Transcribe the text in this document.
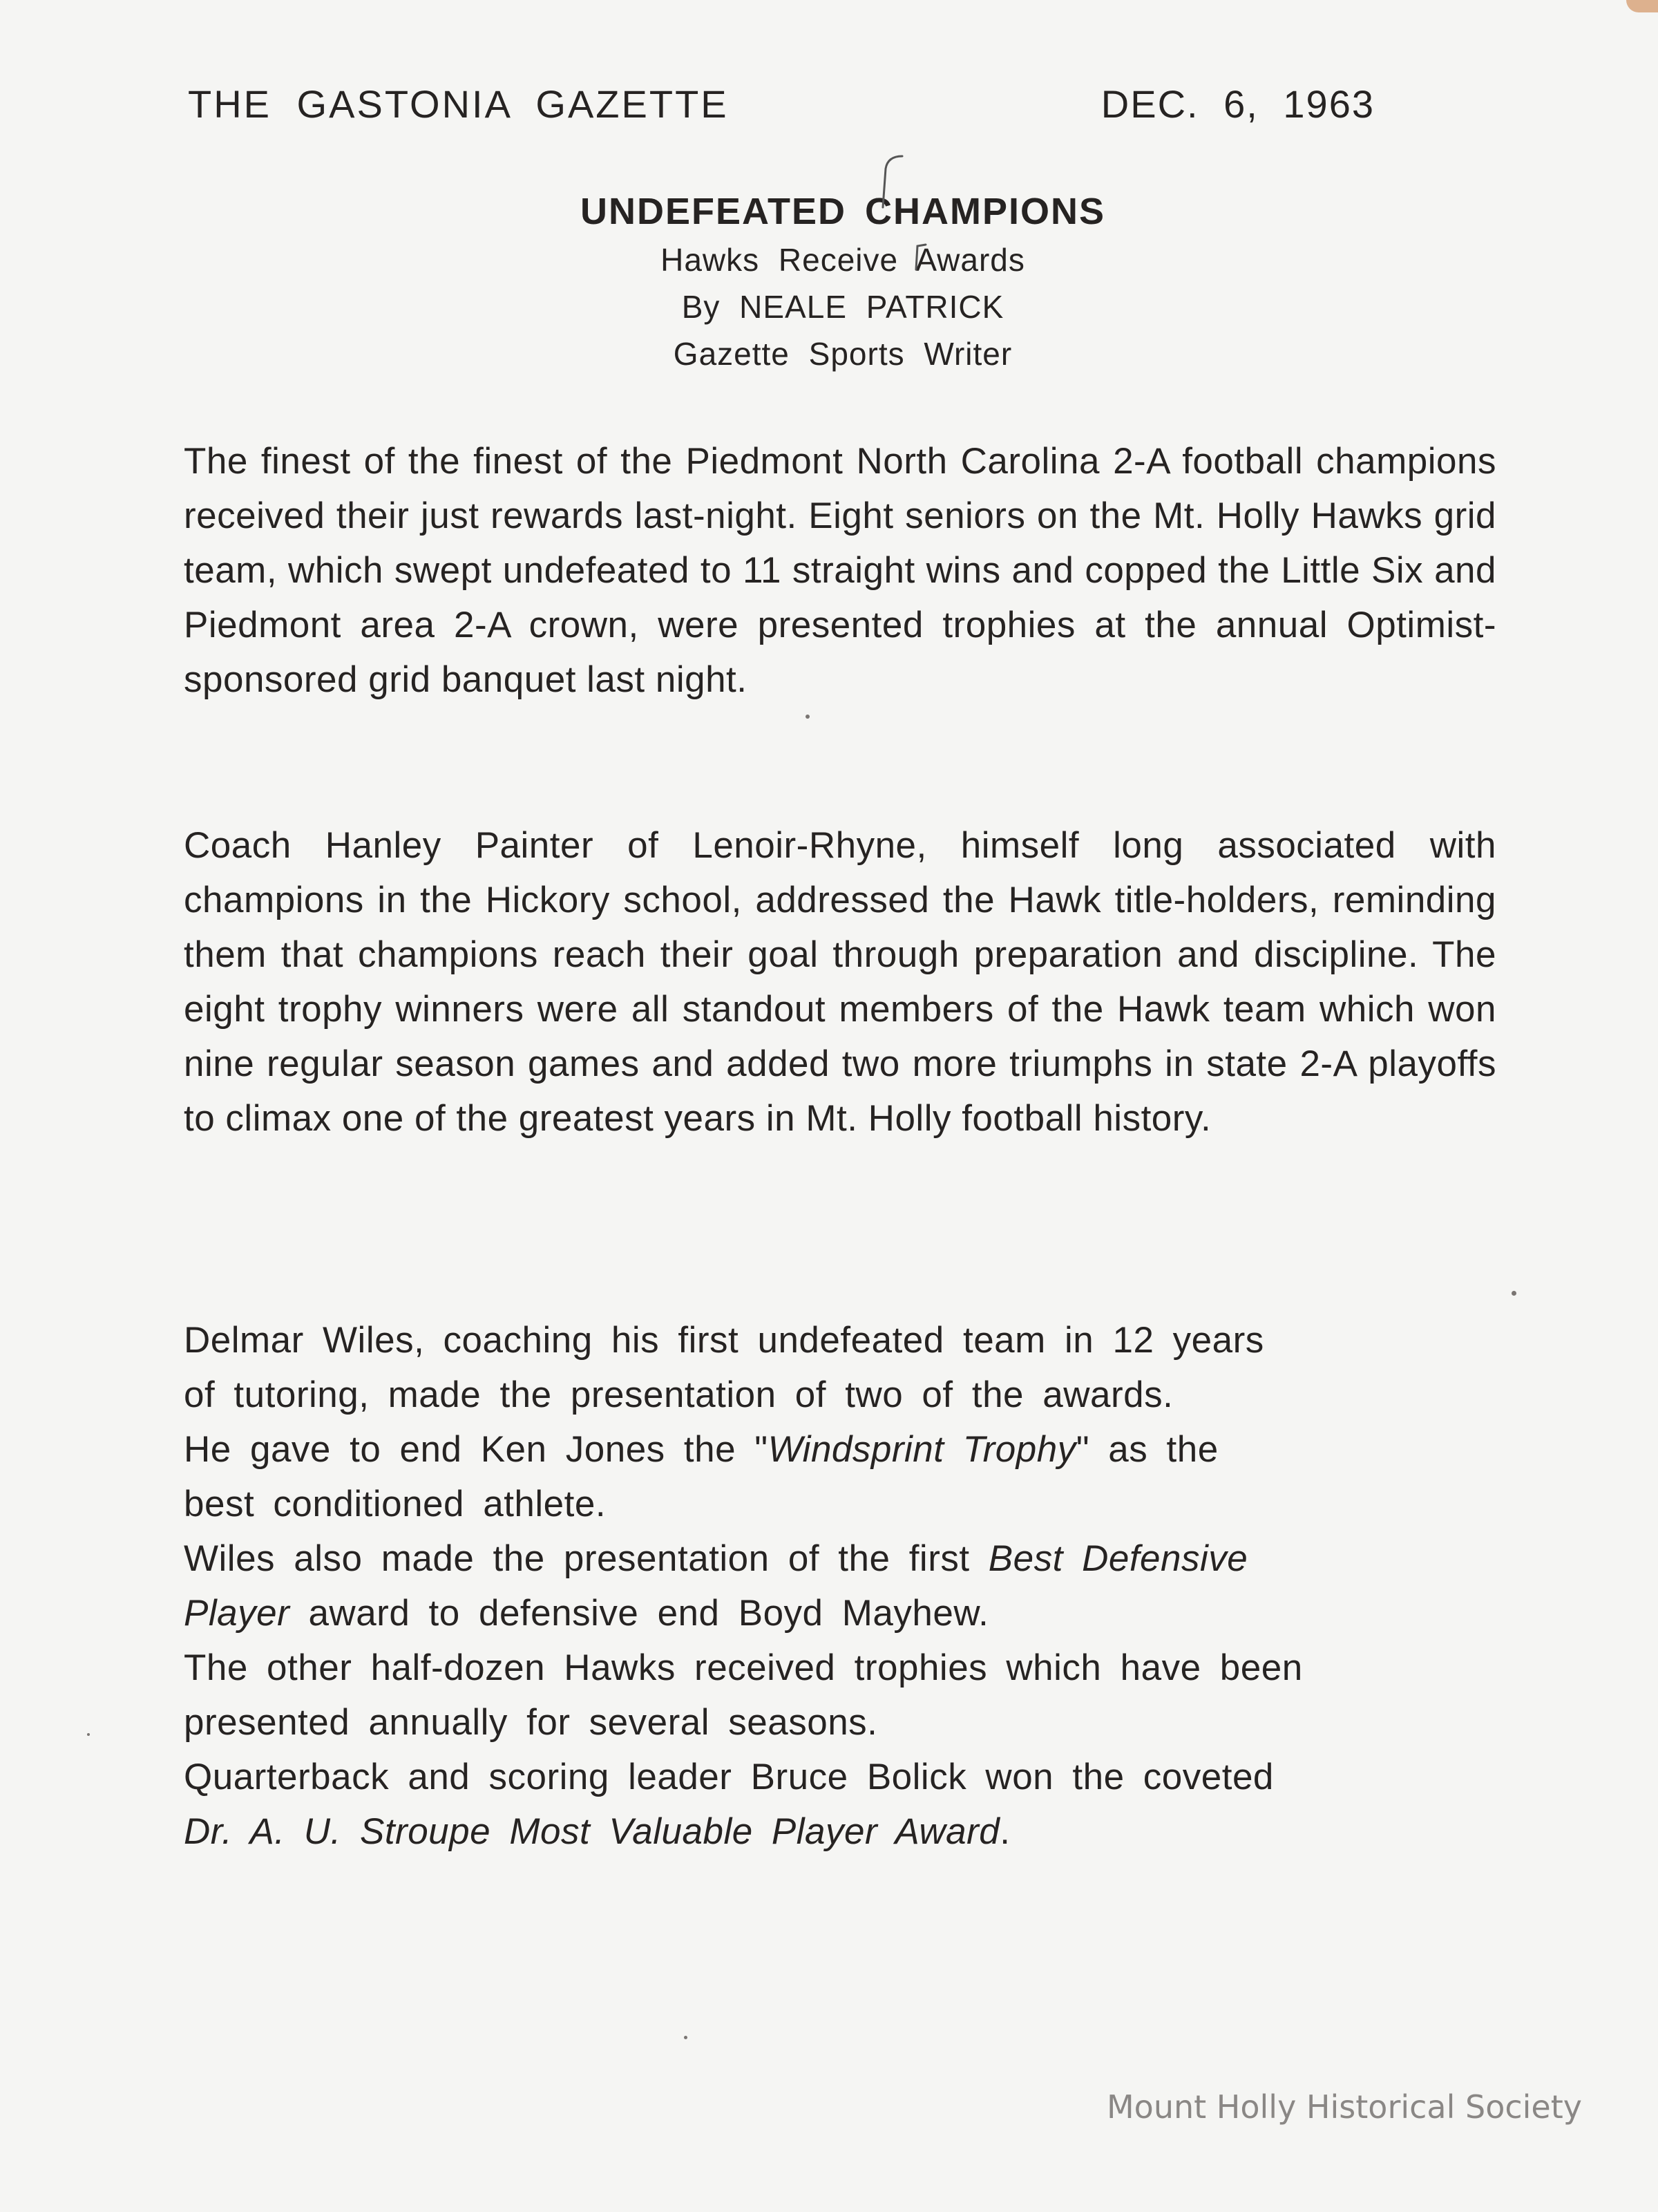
THE GASTONIA GAZETTE	DEC. 6, 1963
UNDEFEATED CHAMPIONS
Hawks Receive Awards
By NEALE PATRICK
Gazette Sports Writer

The finest of the finest of the Piedmont North Carolina 2-A football champions received their just rewards last-night. Eight seniors on the Mt. Holly Hawks grid team, which swept undefeated to 11 straight wins and copped the Little Six and Piedmont area 2-A crown, were presented trophies at the annual Optimist-sponsored grid banquet last night.

Coach Hanley Painter of Lenoir-Rhyne, himself long associated with champions in the Hickory school, addressed the Hawk title-holders, reminding them that champions reach their goal through preparation and discipline. The eight trophy winners were all standout members of the Hawk team which won nine regular season games and added two more triumphs in state 2-A playoffs to climax one of the greatest years in Mt. Holly football history.

Delmar Wiles, coaching his first undefeated team in 12 years
of tutoring, made the presentation of two of the awards.
He gave to end Ken Jones the "Windsprint Trophy" as the
best conditioned athlete.
Wiles also made the presentation of the first Best Defensive
Player award to defensive end Boyd Mayhew.
The other half-dozen Hawks received trophies which have been
presented annually for several seasons.
Quarterback and scoring leader Bruce Bolick won the coveted
Dr. A. U. Stroupe Most Valuable Player Award.
Mount Holly Historical Society
